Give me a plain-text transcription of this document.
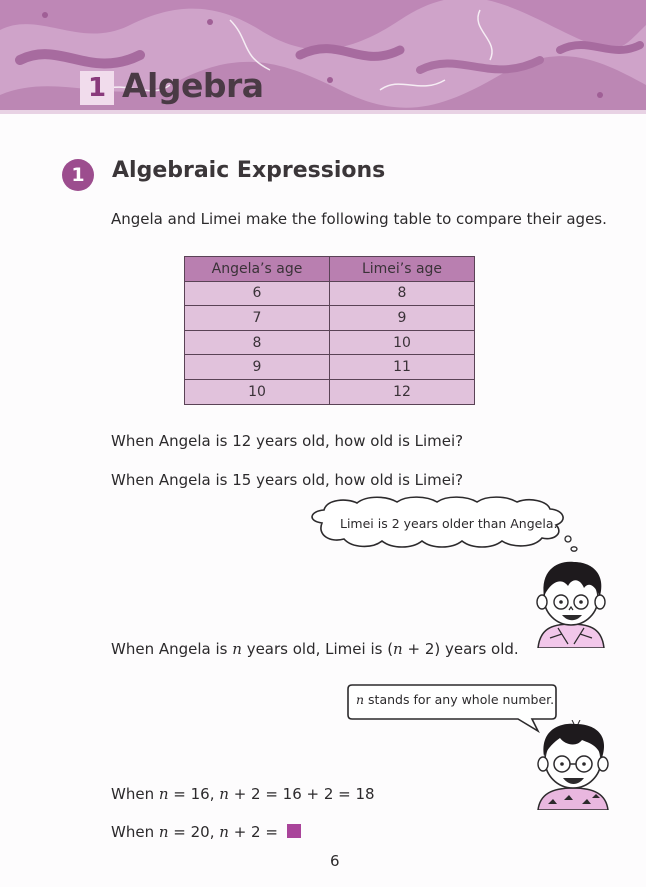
1 Algebra
1	Algebraic Expressions
Angela and Limei make the following table to compare their ages.
Angela’s age	Limei’s age
6	8
7	9
8	10
9	11
10	12
When Angela is 12 years old, how old is Limei?
When Angela is 15 years old, how old is Limei?
Limei is 2 years older than Angela.
When Angela is n years old, Limei is (n + 2) years old.
n stands for any whole number.
When n = 16, n + 2 = 16 + 2 = 18
When n = 20, n + 2 =
6
